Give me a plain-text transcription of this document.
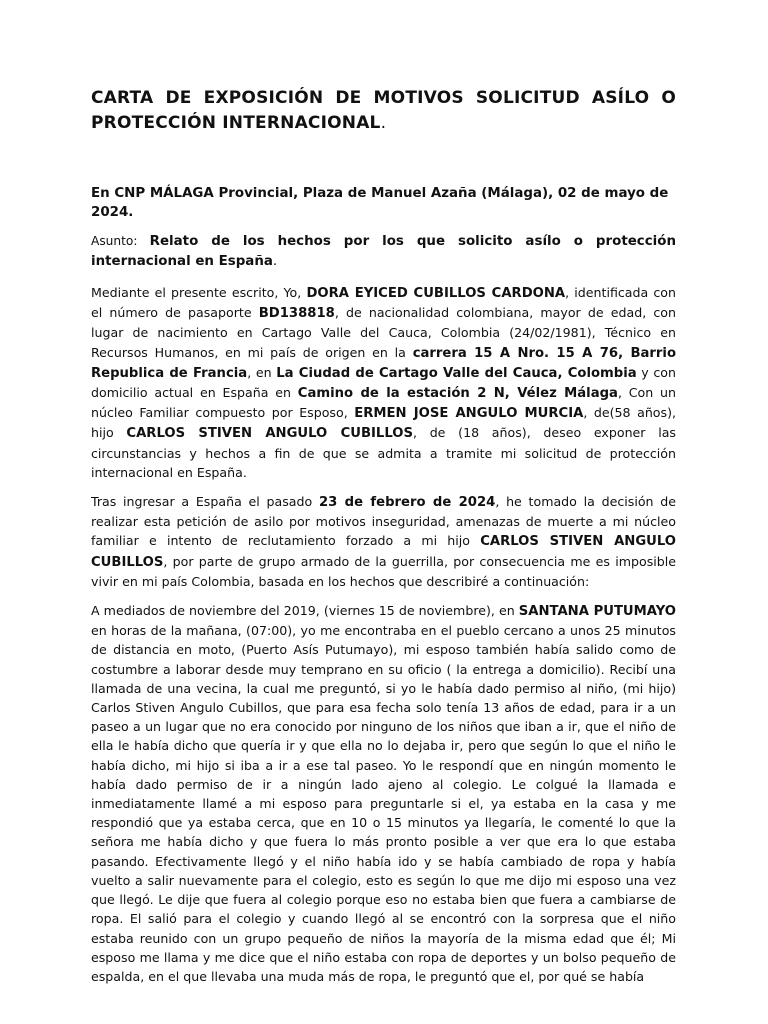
CARTA DE EXPOSICIÓN DE MOTIVOS SOLICITUD ASÍLO O
PROTECCIÓN INTERNACIONAL.

En CNP MÁLAGA Provincial, Plaza de Manuel Azaña (Málaga), 02 de mayo de 2024.

Asunto: Relato de los hechos por los que solicito asílo o protección internacional en España.

Mediante el presente escrito, Yo, DORA EYICED CUBILLOS CARDONA, identificada con el número de pasaporte BD138818, de nacionalidad colombiana, mayor de edad, con lugar de nacimiento en Cartago Valle del Cauca, Colombia (24/02/1981), Técnico en Recursos Humanos, en mi país de origen en la carrera 15 A Nro. 15 A 76, Barrio Republica de Francia, en La Ciudad de Cartago Valle del Cauca, Colombia y con domicilio actual en España en Camino de la estación 2 N, Vélez Málaga, Con un núcleo Familiar compuesto por Esposo, ERMEN JOSE ANGULO MURCIA, de(58 años), hijo CARLOS STIVEN ANGULO CUBILLOS, de (18 años), deseo exponer las circunstancias y hechos a fin de que se admita a tramite mi solicitud de protección internacional en España.

Tras ingresar a España el pasado 23 de febrero de 2024, he tomado la decisión de realizar esta petición de asilo por motivos inseguridad, amenazas de muerte a mi núcleo familiar e intento de reclutamiento forzado a mi hijo CARLOS STIVEN ANGULO CUBILLOS, por parte de grupo armado de la guerrilla, por consecuencia me es imposible vivir en mi país Colombia, basada en los hechos que describiré a continuación:

A mediados de noviembre del 2019, (viernes 15 de noviembre), en SANTANA PUTUMAYO en horas de la mañana, (07:00), yo me encontraba en el pueblo cercano a unos 25 minutos de distancia en moto, (Puerto Asís Putumayo), mi esposo también había salido como de costumbre a laborar desde muy temprano en su oficio ( la entrega a domicilio). Recibí una llamada de una vecina, la cual me preguntó, si yo le había dado permiso al niño, (mi hijo) Carlos Stiven Angulo Cubillos, que para esa fecha solo tenía 13 años de edad, para ir a un paseo a un lugar que no era conocido por ninguno de los niños que iban a ir, que el niño de ella le había dicho que quería ir y que ella no lo dejaba ir, pero que según lo que el niño le había dicho, mi hijo si iba a ir a ese tal paseo. Yo le respondí que en ningún momento le había dado permiso de ir a ningún lado ajeno al colegio. Le colgué la llamada e inmediatamente llamé a mi esposo para preguntarle si el, ya estaba en la casa y me respondió que ya estaba cerca, que en 10 o 15 minutos ya llegaría, le comenté lo que la señora me había dicho y que fuera lo más pronto posible a ver que era lo que estaba pasando. Efectivamente llegó y el niño había ido y se había cambiado de ropa y había vuelto a salir nuevamente para el colegio, esto es según lo que me dijo mi esposo una vez que llegó. Le dije que fuera al colegio porque eso no estaba bien que fuera a cambiarse de ropa. El salió para el colegio y cuando llegó al se encontró con la sorpresa que el niño estaba reunido con un grupo pequeño de niños la mayoría de la misma edad que él; Mi esposo me llama y me dice que el niño estaba con ropa de deportes y un bolso pequeño de espalda, en el que llevaba una muda más de ropa, le preguntó que el, por qué se había
